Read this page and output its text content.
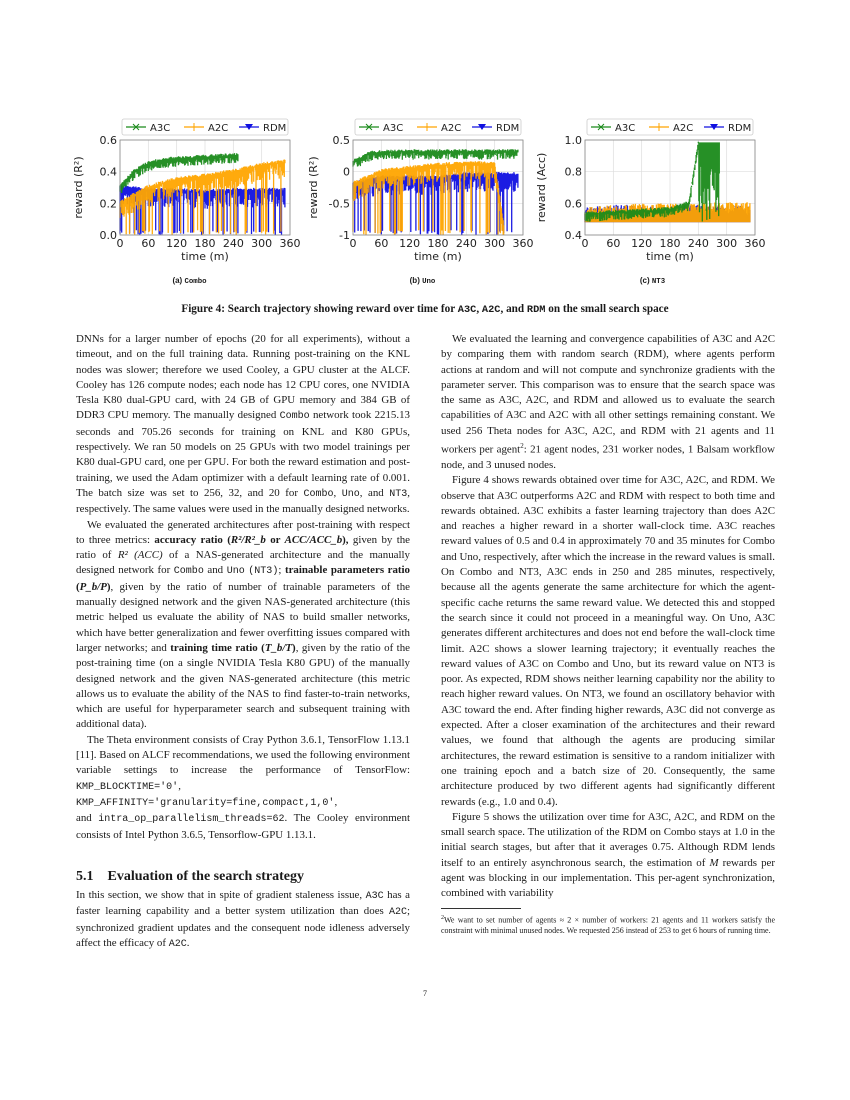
A3C	A2C	RDM
0 60 120 180 240 300 360
0.0
0.2
0.4
0.6
time (m)
reward (R²)
(a) Combo
A3C	A2C	RDM
0 60 120 180 240 300 360
-1
-0.5
0
0.5
time (m)
reward (R²)
(b) Uno
A3C	A2C	RDM
0 60 120 180 240 300 360
0.4
0.6
0.8
1.0
time (m)
reward (Acc)
(c) NT3
Figure 4: Search trajectory showing reward over time for A3C, A2C, and RDM on the small search space

DNNs for a larger number of epochs (20 for all experiments), without a timeout, and on the full training data. Running post-training on the KNL nodes was slower; therefore we used Cooley, a GPU cluster at the ALCF. Cooley has 126 compute nodes; each node has 12 CPU cores, one NVIDIA Tesla K80 dual-GPU card, with 24 GB of GPU memory and 384 GB of DDR3 CPU memory. The manually designed Combo network took 2215.13 seconds and 705.26 seconds for training on KNL and K80 GPUs, respectively. We ran 50 models on 25 GPUs with two model trainings per K80 dual-GPU card, one per GPU. For both the reward estimation and post-training, we used the Adam optimizer with a default learning rate of 0.001. The batch size was set to 256, 32, and 20 for Combo, Uno, and NT3, respectively. The same values were used in the manually designed networks.

We evaluated the generated architectures after post-training with respect to three metrics: accuracy ratio (R²/R²_b or ACC/ACC_b), given by the ratio of R² (ACC) of a NAS-generated architecture and the manually designed network for Combo and Uno (NT3); trainable parameters ratio (P_b/P), given by the ratio of number of trainable parameters of the manually designed network and the given NAS-generated architecture (this metric helped us evaluate the ability of NAS to build smaller networks, which have better generalization and fewer overfitting issues compared with larger networks; and training time ratio (T_b/T), given by the ratio of the post-training time (on a single NVIDIA Tesla K80 GPU) of the manually designed network and the given NAS-generated architecture (this metric allows us to evaluate the ability of the NAS to find faster-to-train networks, which are useful for hyperparameter search and subsequent training with additional data).

The Theta environment consists of Cray Python 3.6.1, TensorFlow 1.13.1 [11]. Based on ALCF recommendations, we used the following environment variable settings to increase the performance of TensorFlow: KMP_BLOCKTIME='0',
KMP_AFFINITY='granularity=fine,compact,1,0',
and intra_op_parallelism_threads=62. The Cooley environment consists of Intel Python 3.6.5, Tensorflow-GPU 1.13.1.

5.1 Evaluation of the search strategy

In this section, we show that in spite of gradient staleness issue, A3C has a faster learning capability and a better system utilization than does A2C; synchronized gradient updates and the consequent node idleness adversely affect the efficacy of A2C.

We evaluated the learning and convergence capabilities of A3C and A2C by comparing them with random search (RDM), where agents perform actions at random and will not compute and synchronize gradients with the parameter server. This comparison was to ensure that the search space was the same as A3C, A2C, and RDM and allowed us to evaluate the search capabilities of A3C and A2C with all other settings remaining constant. We used 256 Theta nodes for A3C, A2C, and RDM with 21 agents and 11 workers per agent$^2$: 21 agent nodes, 231 worker nodes, 1 Balsam workflow node, and 3 unused nodes.

Figure 4 shows rewards obtained over time for A3C, A2C, and RDM. We observe that A3C outperforms A2C and RDM with respect to both time and rewards obtained. A3C exhibits a faster learning trajectory than does A2C and reaches a higher reward in a shorter wall-clock time. A3C reaches reward values of 0.5 and 0.4 in approximately 70 and 35 minutes for Combo and Uno, respectively, after which the increase in the reward values is small. On Combo and NT3, A3C ends in 250 and 285 minutes, respectively, because all the agents generate the same architecture for which the agent-specific cache returns the same reward value. We detected this and stopped the search since it could not proceed in a meaningful way. On Uno, A3C generates different architectures and does not end before the wall-clock time limit. A2C shows a slower learning trajectory; it eventually reaches the reward values of A3C on Combo and Uno, but its reward value on NT3 is poor. As expected, RDM shows neither learning capability nor the ability to reach higher reward values. On NT3, we found an oscillatory behavior with A3C toward the end. After finding higher rewards, A3C did not converge as expected. After a closer examination of the architectures and their reward values, we found that although the agents are producing similar architectures, the reward estimation is sensitive to a random initializer with one training epoch and a batch size of 20. Consequently, the same architecture produced by two different agents had significantly different rewards (e.g., 1.0 and 0.4).

Figure 5 shows the utilization over time for A3C, A2C, and RDM on the small search space. The utilization of the RDM on Combo stays at 1.0 in the initial search stages, but after that it averages 0.75. Although RDM lends itself to an entirely asynchronous search, the estimation of M rewards per agent was blocking in our implementation. This per-agent synchronization, combined with variability

$^2$We want to set number of agents ≈ 2 × number of workers: 21 agents and 11 workers satisfy the constraint with minimal unused nodes. We requested 256 instead of 253 to get 6 hours of running time.
7
